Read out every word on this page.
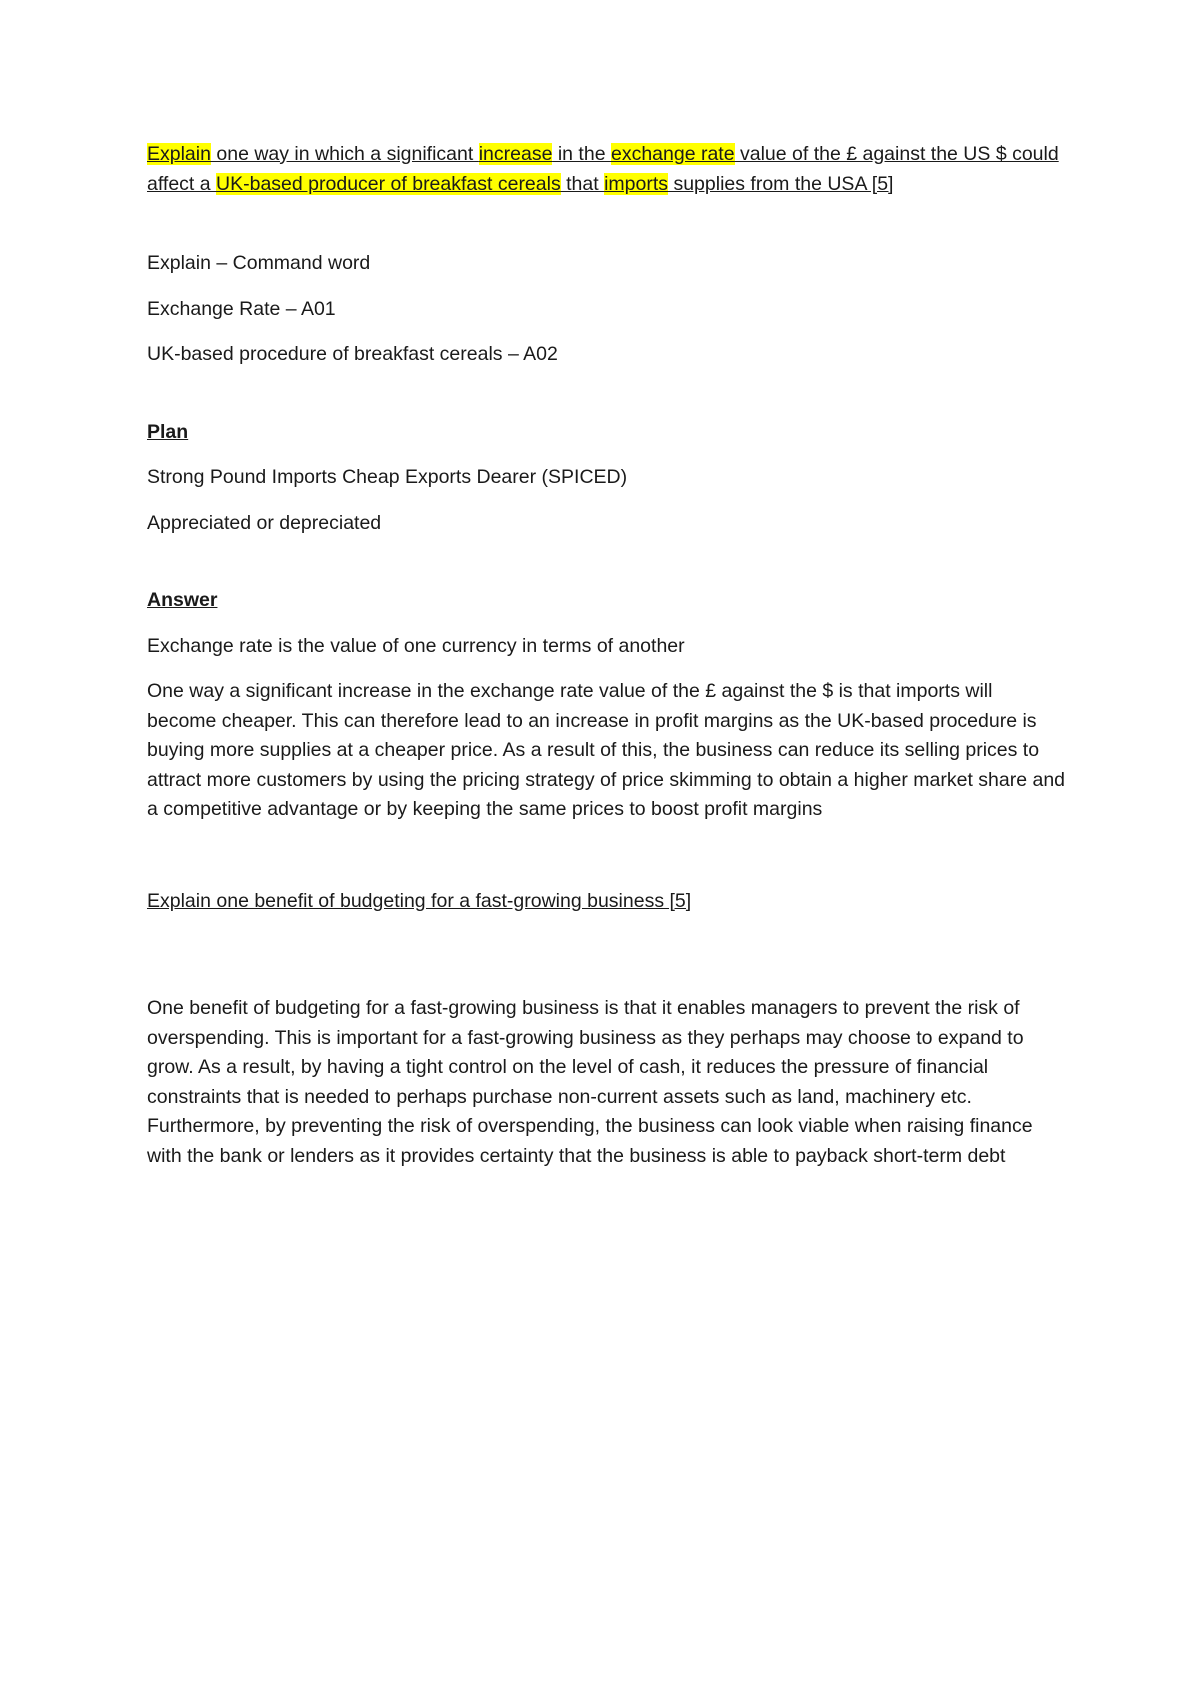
Explain one way in which a significant increase in the exchange rate value of the £ against the US $ could affect a UK-based producer of breakfast cereals that imports supplies from the USA [5]

Explain – Command word

Exchange Rate – A01

UK-based procedure of breakfast cereals – A02

Plan

Strong Pound Imports Cheap Exports Dearer (SPICED)

Appreciated or depreciated

Answer

Exchange rate is the value of one currency in terms of another

One way a significant increase in the exchange rate value of the £ against the $ is that imports will become cheaper. This can therefore lead to an increase in profit margins as the UK-based procedure is buying more supplies at a cheaper price. As a result of this, the business can reduce its selling prices to attract more customers by using the pricing strategy of price skimming to obtain a higher market share and a competitive advantage or by keeping the same prices to boost profit margins

Explain one benefit of budgeting for a fast-growing business [5]

One benefit of budgeting for a fast-growing business is that it enables managers to prevent the risk of overspending. This is important for a fast-growing business as they perhaps may choose to expand to grow. As a result, by having a tight control on the level of cash, it reduces the pressure of financial constraints that is needed to perhaps purchase non-current assets such as land, machinery etc. Furthermore, by preventing the risk of overspending, the business can look viable when raising finance with the bank or lenders as it provides certainty that the business is able to payback short-term debt
